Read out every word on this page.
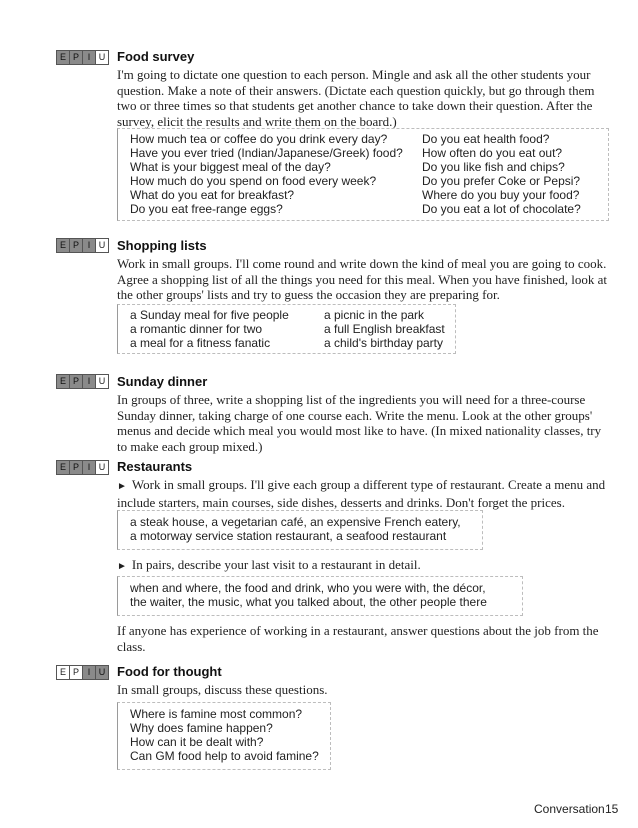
E P I U Food survey
I'm going to dictate one question to each person. Mingle and ask all the other students your question. Make a note of their answers. (Dictate each question quickly, but go through them two or three times so that students get another chance to take down their question. After the survey, elicit the results and write them on the board.)
How much tea or coffee do you drink every day?
Have you ever tried (Indian/Japanese/Greek) food?
What is your biggest meal of the day?
How much do you spend on food every week?
What do you eat for breakfast?
Do you eat free-range eggs?
Do you eat health food?
How often do you eat out?
Do you like fish and chips?
Do you prefer Coke or Pepsi?
Where do you buy your food?
Do you eat a lot of chocolate?
E P I U Shopping lists
Work in small groups. I'll come round and write down the kind of meal you are going to cook. Agree a shopping list of all the things you need for this meal. When you have finished, look at the other groups' lists and try to guess the occasion they are preparing for.
a Sunday meal for five people
a romantic dinner for two
a meal for a fitness fanatic
a picnic in the park
a full English breakfast
a child's birthday party
E P I U Sunday dinner
In groups of three, write a shopping list of the ingredients you will need for a three-course Sunday dinner, taking charge of one course each. Write the menu. Look at the other groups' menus and decide which meal you would most like to have. (In mixed nationality classes, try to make each group mixed.)
E P I U Restaurants
► Work in small groups. I'll give each group a different type of restaurant. Create a menu and include starters, main courses, side dishes, desserts and drinks. Don't forget the prices.
a steak house, a vegetarian café, an expensive French eatery,
a motorway service station restaurant, a seafood restaurant
► In pairs, describe your last visit to a restaurant in detail.
when and where, the food and drink, who you were with, the décor,
the waiter, the music, what you talked about, the other people there
If anyone has experience of working in a restaurant, answer questions about the job from the class.
E P I U Food for thought
In small groups, discuss these questions.
Where is famine most common?
Why does famine happen?
How can it be dealt with?
Can GM food help to avoid famine?
Conversation 15
